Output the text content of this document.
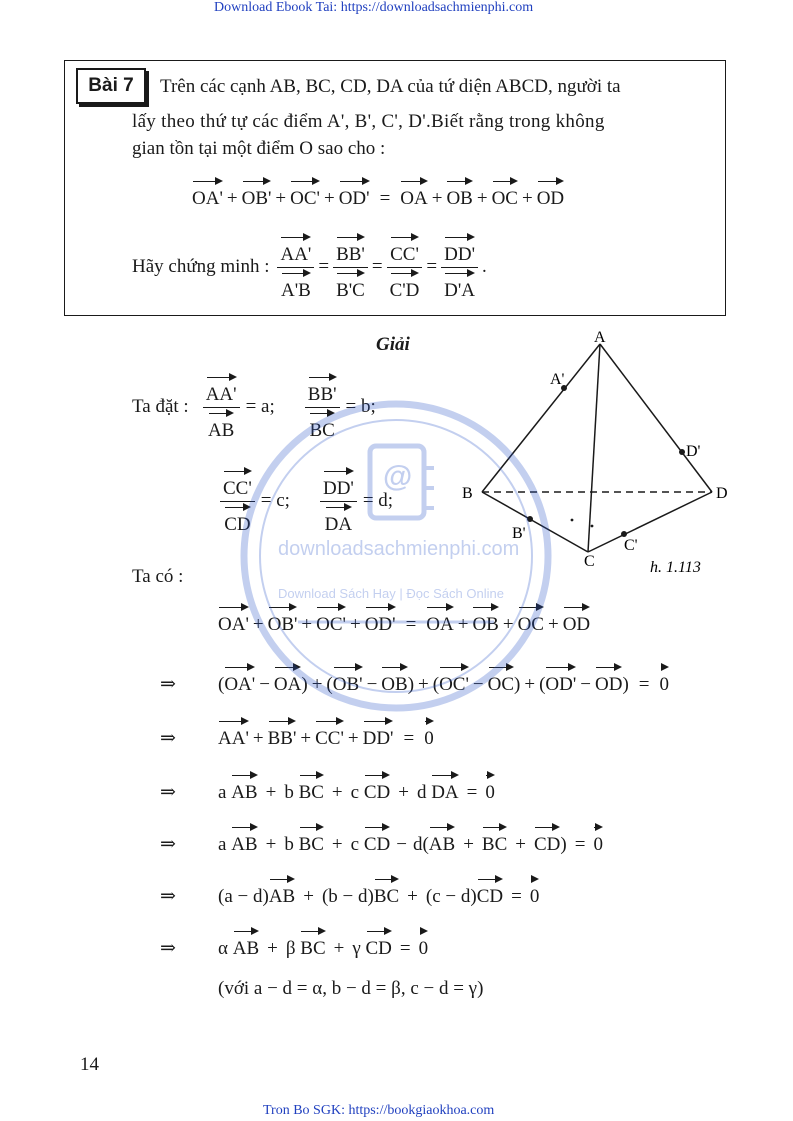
Download Ebook Tai: https://downloadsachmienphi.com
Bài 7	Trên các cạnh AB, BC, CD, DA của tứ diện ABCD, người ta
lấy theo thứ tự các điểm A', B', C', D'.Biết rằng trong không
gian tồn tại một điểm O sao cho :
OA' + OB' + OC' + OD' = OA + OB + OC + OD
Hãy chứng minh : $\frac{AA'}{A'B} = \frac{BB'}{B'C} = \frac{CC'}{C'D} = \frac{DD'}{D'A}$ .
Giải
Ta đặt : $\frac{AA'}{AB} = a$; $\frac{BB'}{BC} = b$;
$\frac{CC'}{CD} = c$; $\frac{DD'}{DA} = d$;
Ta có :
OA' + OB' + OC' + OD' = OA + OB + OC + OD
⇒ (OA' − OA) + (OB' − OB) + (OC' − OC) + (OD' − OD) = 0
⇒ AA' + BB' + CC' + DD' = 0
⇒ a AB + b BC + c CD + d DA = 0
⇒ a AB + b BC + c CD − d(AB + BC + CD) = 0
⇒ (a − d)AB + (b − d)BC + (c − d)CD = 0
⇒ α AB + β BC + γ CD = 0
(với a − d = α, b − d = β, c − d = γ)
A
A'
D'
B	D
B'
C'
C	h. 1.113
@
downloadsachmienphi.com
Download Sách Hay | Đọc Sách Online
14
Tron Bo SGK: https://bookgiaokhoa.com
